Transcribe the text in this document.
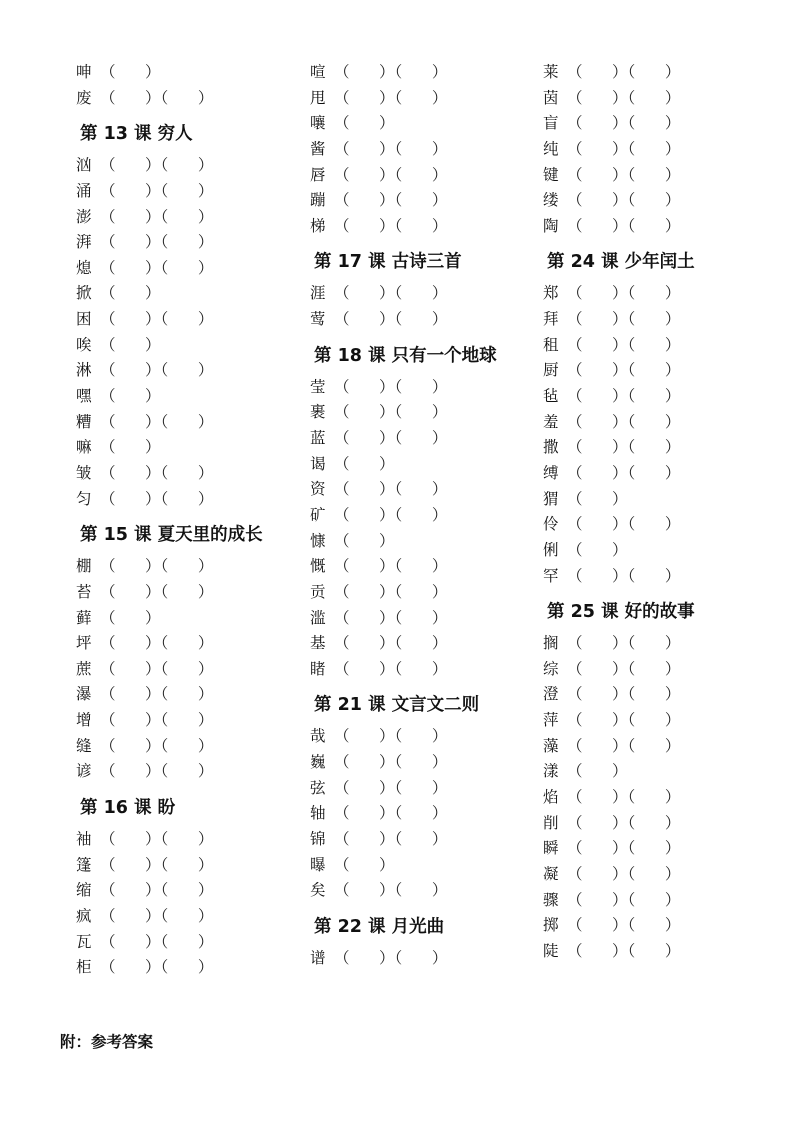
呻 （      ）
废 （      ）（      ）
第 13 课 穷人
汹 （      ）（      ）
涌 （      ）（      ）
澎 （      ）（      ）
湃 （      ）（      ）
熄 （      ）（      ）
掀 （      ）
困 （      ）（      ）
唉 （      ）
淋 （      ）（      ）
嘿 （      ）
糟 （      ）（      ）
嘛 （      ）
皱 （      ）（      ）
匀 （      ）（      ）
第 15 课 夏天里的成长
棚 （      ）（      ）
苔 （      ）（      ）
藓 （      ）
坪 （      ）（      ）
蔗 （      ）（      ）
瀑 （      ）（      ）
增 （      ）（      ）
缝 （      ）（      ）
谚 （      ）（      ）
第 16 课 盼
袖 （      ）（      ）
篷 （      ）（      ）
缩 （      ）（      ）
疯 （      ）（      ）
瓦 （      ）（      ）
柜 （      ）（      ）
喧 （      ）（      ）
甩 （      ）（      ）
嚷 （      ）
酱 （      ）（      ）
唇 （      ）（      ）
蹦 （      ）（      ）
梯 （      ）（      ）
第 17 课 古诗三首
涯 （      ）（      ）
莺 （      ）（      ）
第 18 课 只有一个地球
莹 （      ）（      ）
裹 （      ）（      ）
蓝 （      ）（      ）
谒 （      ）
资 （      ）（      ）
矿 （      ）（      ）
慷 （      ）
慨 （      ）（      ）
贡 （      ）（      ）
滥 （      ）（      ）
基 （      ）（      ）
睹 （      ）（      ）
第 21 课 文言文二则
哉 （      ）（      ）
巍 （      ）（      ）
弦 （      ）（      ）
轴 （      ）（      ）
锦 （      ）（      ）
曝 （      ）
矣 （      ）（      ）
第 22 课 月光曲
谱 （      ）（      ）
莱 （      ）（      ）
茵 （      ）（      ）
盲 （      ）（      ）
纯 （      ）（      ）
键 （      ）（      ）
缕 （      ）（      ）
陶 （      ）（      ）
第 24 课 少年闰土
郑 （      ）（      ）
拜 （      ）（      ）
租 （      ）（      ）
厨 （      ）（      ）
毡 （      ）（      ）
羞 （      ）（      ）
撒 （      ）（      ）
缚 （      ）（      ）
猬 （      ）
伶 （      ）（      ）
俐 （      ）
罕 （      ）（      ）
第 25 课 好的故事
搁 （      ）（      ）
综 （      ）（      ）
澄 （      ）（      ）
萍 （      ）（      ）
藻 （      ）（      ）
漾 （      ）
焰 （      ）（      ）
削 （      ）（      ）
瞬 （      ）（      ）
凝 （      ）（      ）
骤 （      ）（      ）
掷 （      ）（      ）
陡 （      ）（      ）
附：参考答案
